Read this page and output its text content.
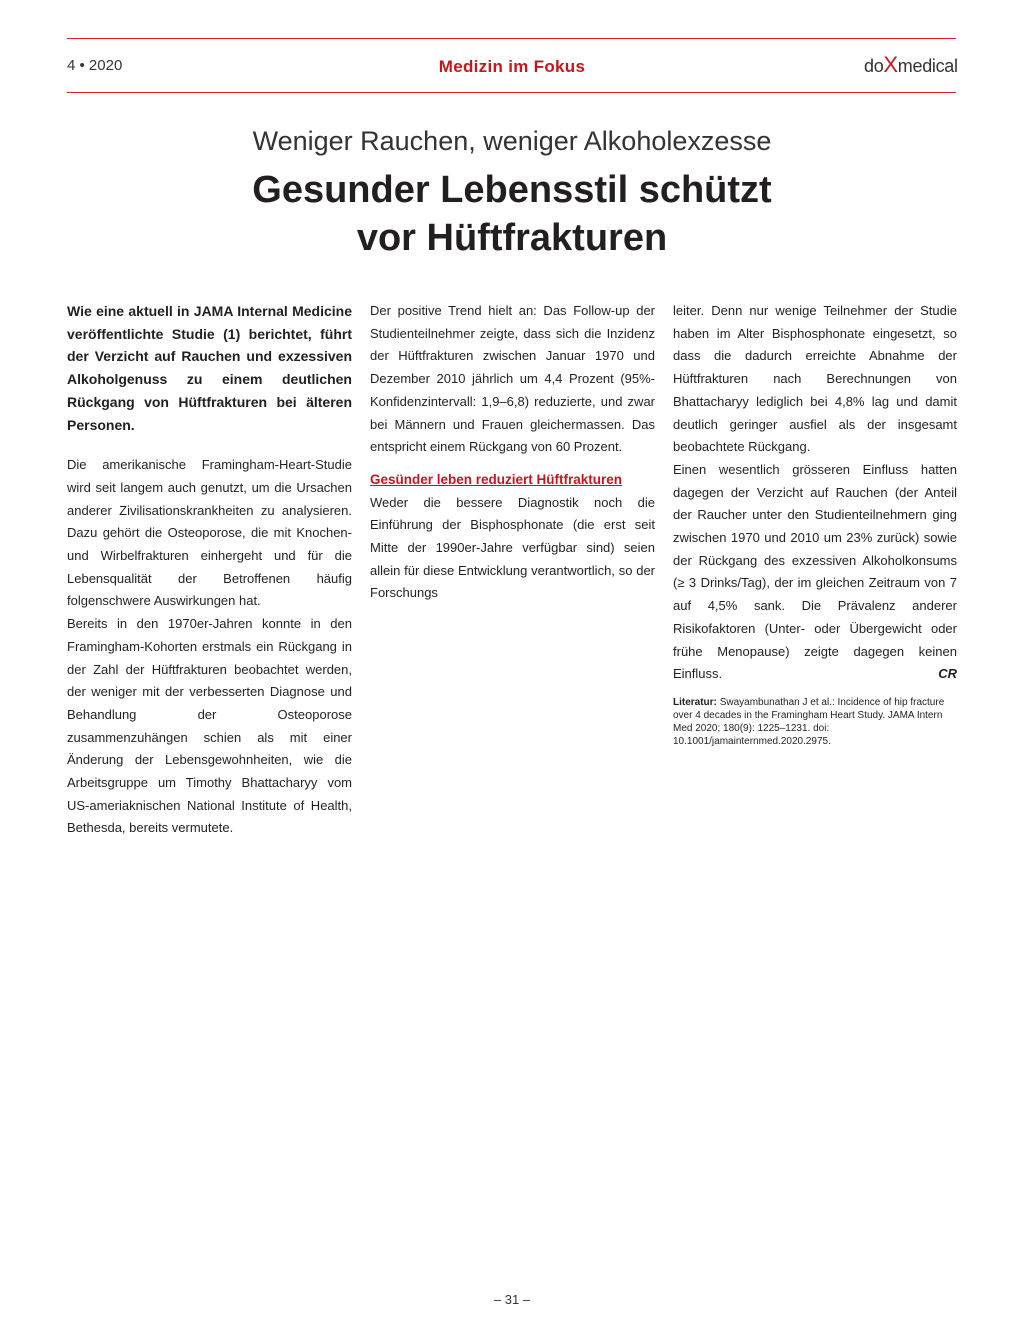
4 • 2020	Medizin im Fokus	doXmedical
Weniger Rauchen, weniger Alkoholexzesse
Gesunder Lebensstil schützt
vor Hüftfrakturen

Wie eine aktuell in JAMA Internal Medicine veröffentlichte Studie (1) berichtet, führt der Verzicht auf Rauchen und exzessiven Alkoholgenuss zu einem deutlichen Rückgang von Hüftfrakturen bei älteren Personen.

Die amerikanische Framingham-Heart-Studie wird seit langem auch genutzt, um die Ursachen anderer Zivilisationskrankheiten zu analysieren. Dazu gehört die Osteoporose, die mit Knochen- und Wirbelfrakturen einhergeht und für die Lebensqualität der Betroffenen häufig folgenschwere Auswirkungen hat.

Bereits in den 1970er-Jahren konnte in den Framingham-Kohorten erstmals ein Rückgang in der Zahl der Hüftfrakturen beobachtet werden, der weniger mit der verbesserten Diagnose und Behandlung der Osteoporose zusammenzuhängen schien als mit einer Änderung der Lebensgewohnheiten, wie die Arbeitsgruppe um Timothy Bhattacharyy vom US-ameriaknischen National Institute of Health, Bethesda, bereits vermutete.

Der positive Trend hielt an: Das Follow-up der Studienteilnehmer zeigte, dass sich die Inzidenz der Hüftfrakturen zwischen Januar 1970 und Dezember 2010 jährlich um 4,4 Prozent (95%-Konfidenzintervall: 1,9–6,8) reduzierte, und zwar bei Männern und Frauen gleichermassen. Das entspricht einem Rückgang von 60 Prozent.

Gesünder leben reduziert Hüftfrakturen

Weder die bessere Diagnostik noch die Einführung der Bisphosphonate (die erst seit Mitte der 1990er-Jahre verfügbar sind) seien allein für diese Entwicklung verantwortlich, so der Forschungs

leiter. Denn nur wenige Teilnehmer der Studie haben im Alter Bisphosphonate eingesetzt, so dass die dadurch erreichte Abnahme der Hüftfrakturen nach Berechnungen von Bhattacharyy lediglich bei 4,8% lag und damit deutlich geringer ausfiel als der insgesamt beobachtete Rückgang.

Einen wesentlich grösseren Einfluss hatten dagegen der Verzicht auf Rauchen (der Anteil der Raucher unter den Studienteilnehmern ging zwischen 1970 und 2010 um 23% zurück) sowie der Rückgang des exzessiven Alkoholkonsums (≥ 3 Drinks/Tag), der im gleichen Zeitraum von 7 auf 4,5% sank. Die Prävalenz anderer Risikofaktoren (Unter- oder Übergewicht oder frühe Menopause) zeigte dagegen keinen Einfluss.	CR

Literatur: Swayambunathan J et al.: Incidence of hip fracture over 4 decades in the Framingham Heart Study. JAMA Intern Med 2020; 180(9): 1225–1231. doi: 10.1001/jamainternmed.2020.2975.

– 31 –
